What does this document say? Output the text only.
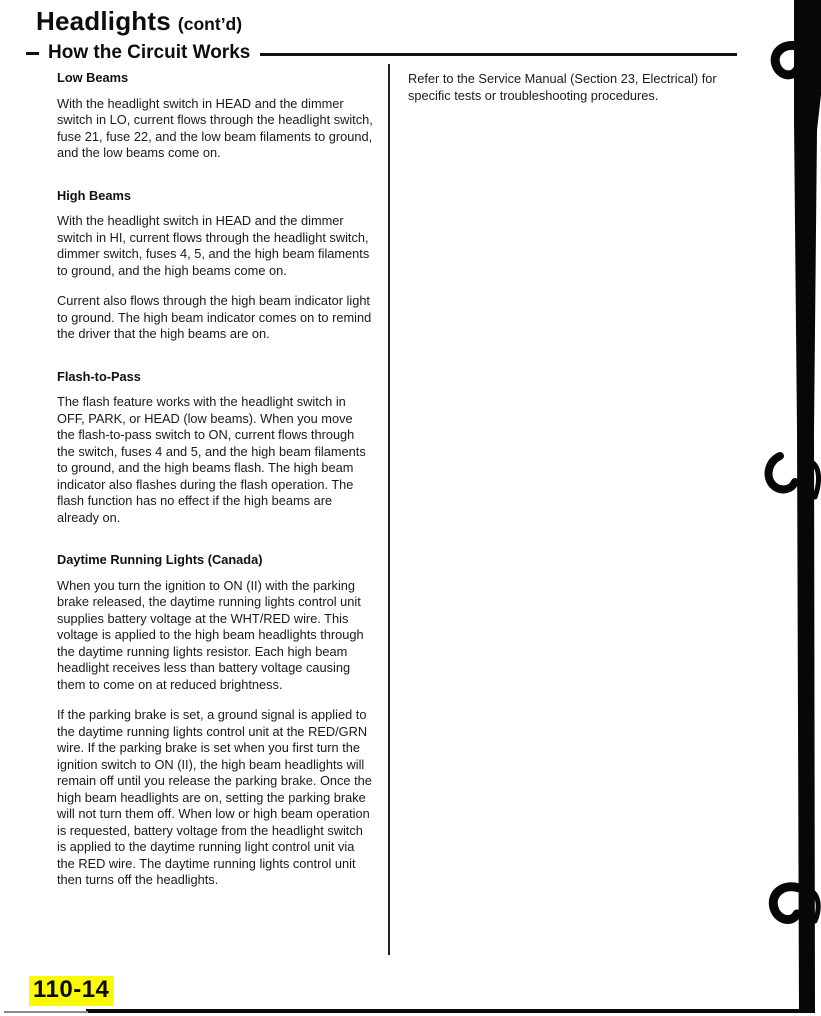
Headlights (cont’d)
How the Circuit Works
Low Beams

With the headlight switch in HEAD and the dimmer switch in LO, current flows through the headlight switch, fuse 21, fuse 22, and the low beam filaments to ground, and the low beams come on.

High Beams

With the headlight switch in HEAD and the dimmer switch in HI, current flows through the headlight switch, dimmer switch, fuses 4, 5, and the high beam filaments to ground, and the high beams come on.

Current also flows through the high beam indicator light to ground. The high beam indicator comes on to remind the driver that the high beams are on.

Flash-to-Pass

The flash feature works with the headlight switch in OFF, PARK, or HEAD (low beams). When you move the flash-to-pass switch to ON, current flows through the switch, fuses 4 and 5, and the high beam filaments to ground, and the high beams flash. The high beam indicator also flashes during the flash operation. The flash function has no effect if the high beams are already on.

Daytime Running Lights (Canada)

When you turn the ignition to ON (II) with the parking brake released, the daytime running lights control unit supplies battery voltage at the WHT/RED wire. This voltage is applied to the high beam headlights through the daytime running lights resistor. Each high beam headlight receives less than battery voltage causing them to come on at reduced brightness.

If the parking brake is set, a ground signal is applied to the daytime running lights control unit at the RED/GRN wire. If the parking brake is set when you first turn the ignition switch to ON (II), the high beam headlights will remain off until you release the parking brake. Once the high beam headlights are on, setting the parking brake will not turn them off. When low or high beam operation is requested, battery voltage from the headlight switch is applied to the daytime running light control unit via the RED wire. The daytime running lights control unit then turns off the headlights.

Refer to the Service Manual (Section 23, Electrical) for specific tests or troubleshooting procedures.

110-14
